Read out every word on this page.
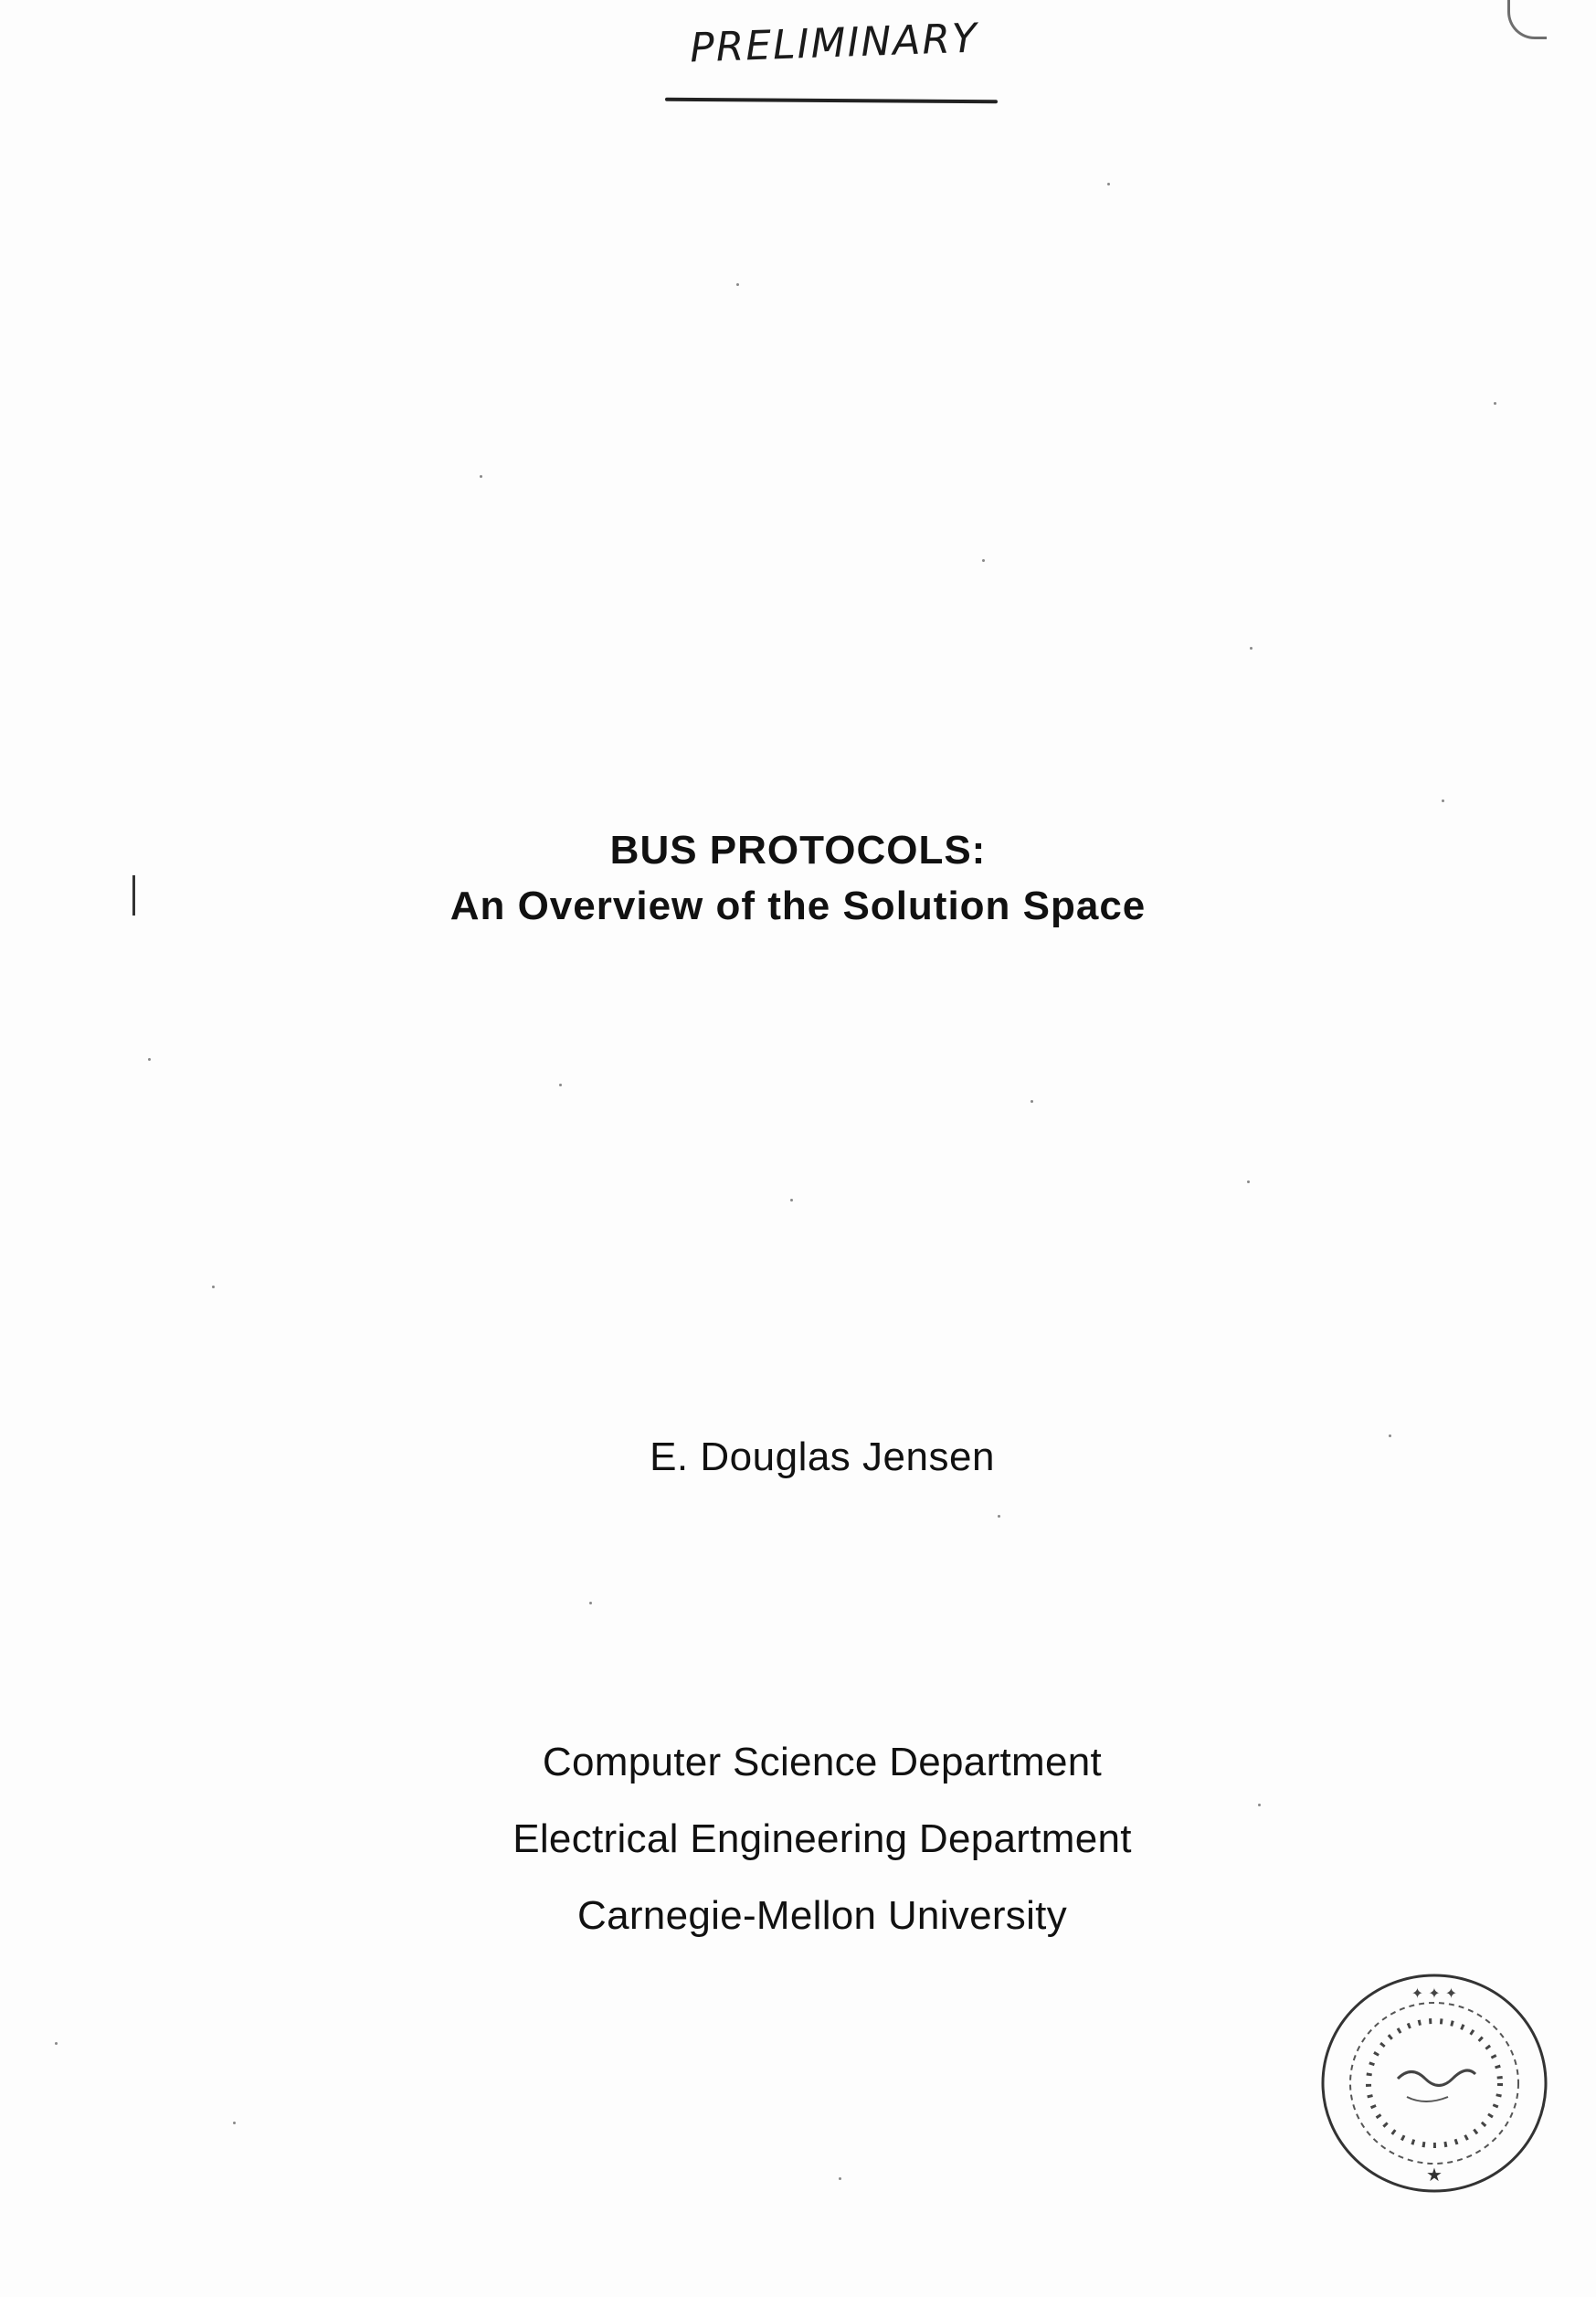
PRELIMINARY
BUS PROTOCOLS:
An Overview of the Solution Space
E. Douglas Jensen
Computer Science Department
Electrical Engineering Department
Carnegie-Mellon University
✦ ✦ ✦
★
